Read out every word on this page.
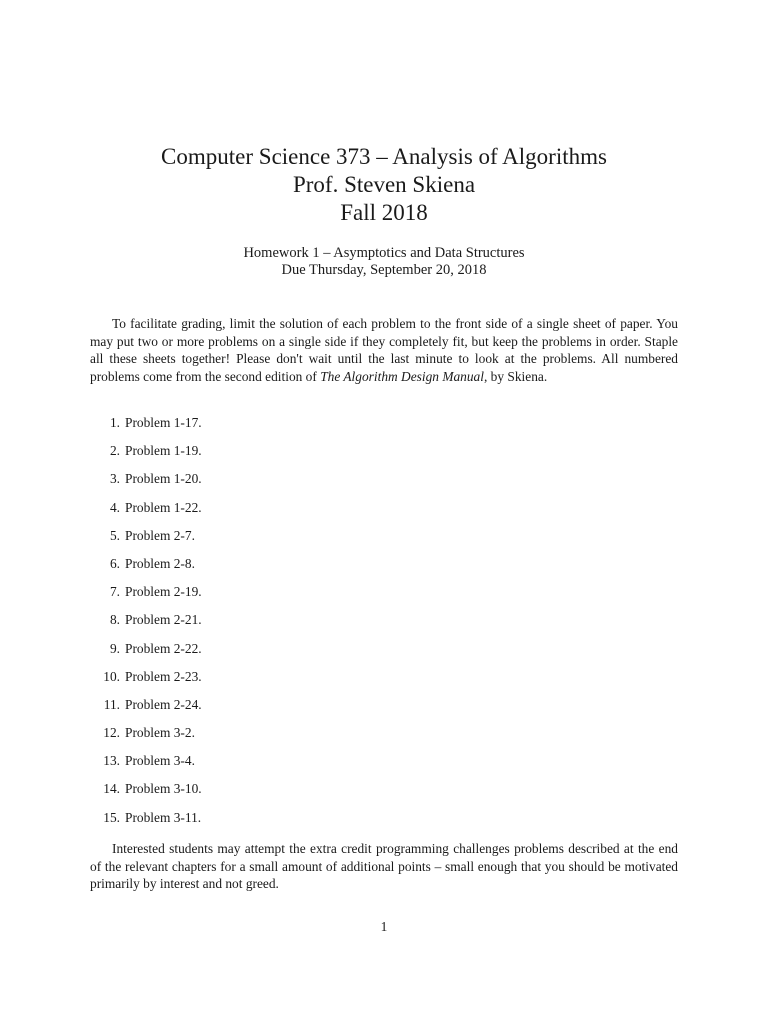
Computer Science 373 – Analysis of Algorithms
Prof. Steven Skiena
Fall 2018
Homework 1 – Asymptotics and Data Structures
Due Thursday, September 20, 2018

To facilitate grading, limit the solution of each problem to the front side of a single sheet of paper. You may put two or more problems on a single side if they completely fit, but keep the problems in order. Staple all these sheets together! Please don't wait until the last minute to look at the problems. All numbered problems come from the second edition of The Algorithm Design Manual, by Skiena.

1. Problem 1-17.
2. Problem 1-19.
3. Problem 1-20.
4. Problem 1-22.
5. Problem 2-7.
6. Problem 2-8.
7. Problem 2-19.
8. Problem 2-21.
9. Problem 2-22.
10. Problem 2-23.
11. Problem 2-24.
12. Problem 3-2.
13. Problem 3-4.
14. Problem 3-10.
15. Problem 3-11.

Interested students may attempt the extra credit programming challenges problems described at the end of the relevant chapters for a small amount of additional points – small enough that you should be motivated primarily by interest and not greed.

1
